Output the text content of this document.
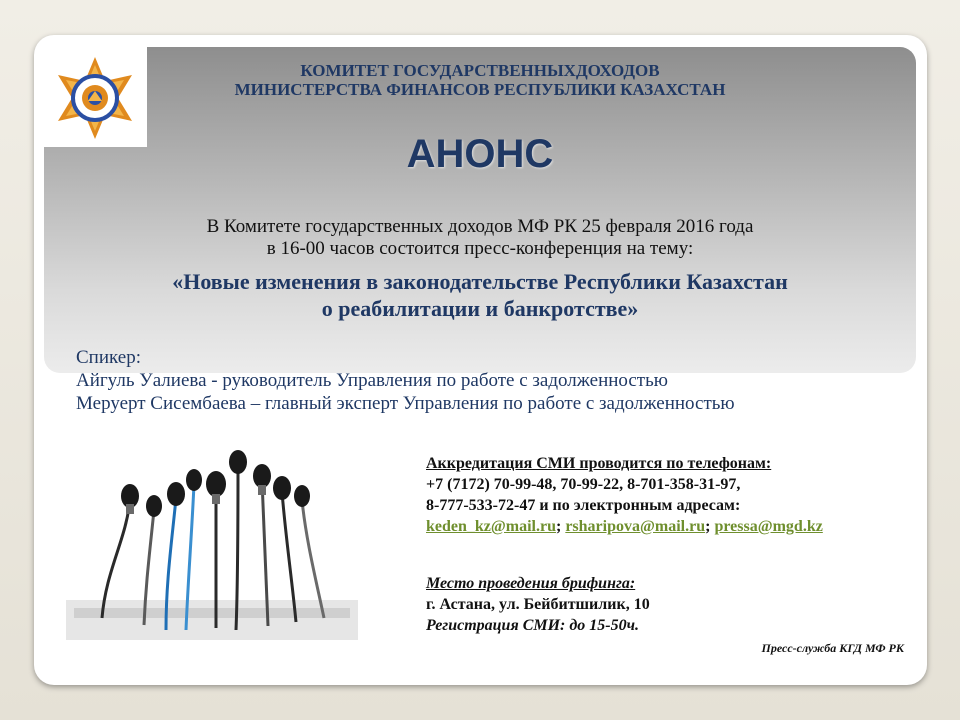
КОМИТЕТ ГОСУДАРСТВЕННЫХДОХОДОВ
МИНИСТЕРСТВА ФИНАНСОВ РЕСПУБЛИКИ КАЗАХСТАН
АНОНС
В Комитете государственных доходов МФ РК 25 февраля 2016 года
в 16-00 часов состоится пресс-конференция на тему:
«Новые изменения в законодательстве Республики Казахстан
о реабилитации и банкротстве»
Спикер:
Айгуль Уалиева - руководитель Управления по работе с задолженностью
Меруерт Сисембаева – главный эксперт Управления по работе с задолженностью
Аккредитация СМИ проводится по телефонам:
+7 (7172) 70-99-48, 70-99-22, 8-701-358-31-97,
8-777-533-72-47 и по электронным адресам:
keden_kz@mail.ru; rsharipova@mail.ru; pressa@mgd.kz
Место проведения брифинга:
г. Астана, ул. Бейбитшилик, 10
Регистрация СМИ: до 15-50ч.
Пресс-служба КГД МФ РК
